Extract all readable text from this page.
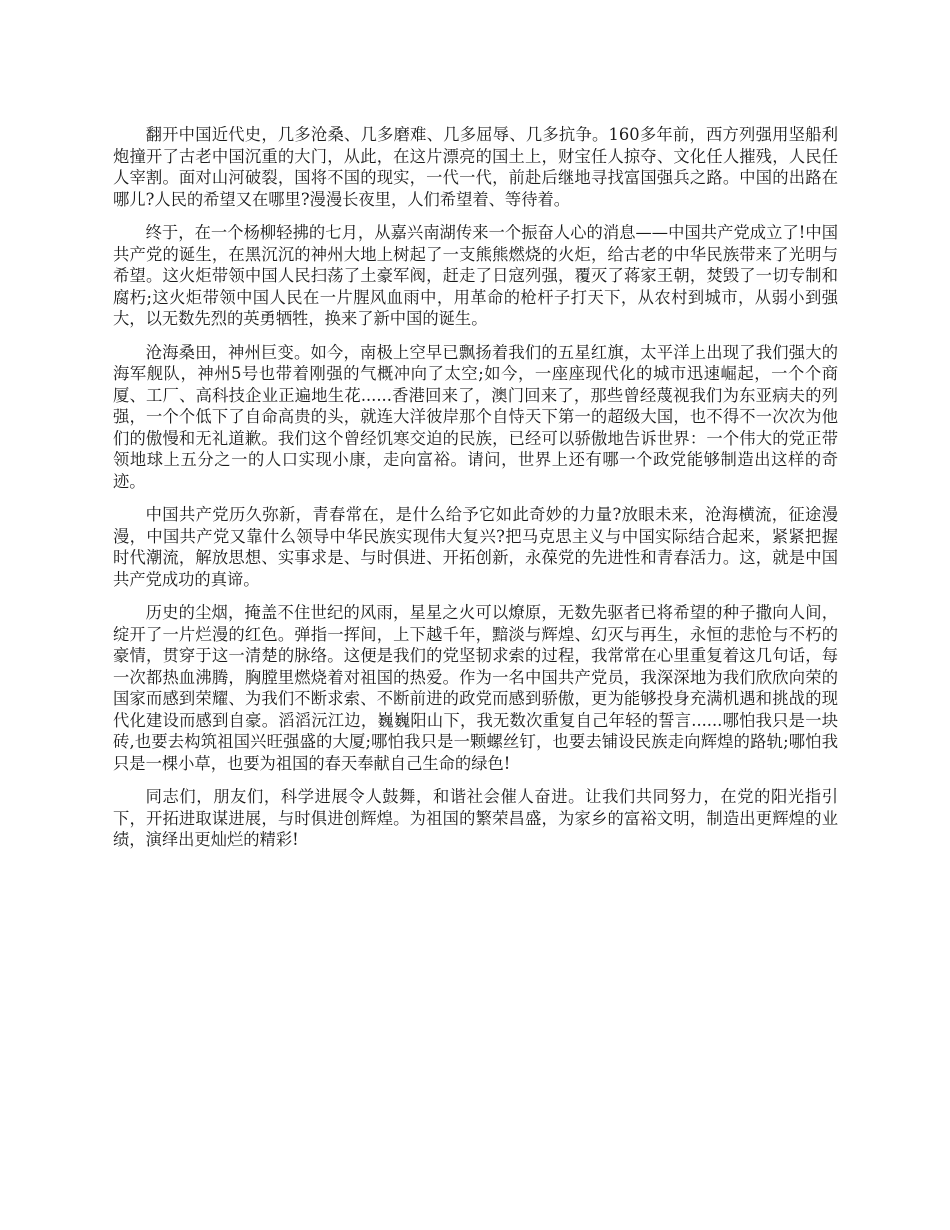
翻开中国近代史，几多沧桑、几多磨难、几多屈辱、几多抗争。160多年前，西方列强用坚船利炮撞开了古老中国沉重的大门，从此，在这片漂亮的国土上，财宝任人掠夺、文化任人摧残，人民任人宰割。面对山河破裂，国将不国的现实，一代一代，前赴后继地寻找富国强兵之路。中国的出路在哪儿?人民的希望又在哪里?漫漫长夜里，人们希望着、等待着。

终于，在一个杨柳轻拂的七月，从嘉兴南湖传来一个振奋人心的消息——中国共产党成立了!中国共产党的诞生，在黑沉沉的神州大地上树起了一支熊熊燃烧的火炬，给古老的中华民族带来了光明与希望。这火炬带领中国人民扫荡了土豪军阀，赶走了日寇列强，覆灭了蒋家王朝，焚毁了一切专制和腐朽;这火炬带领中国人民在一片腥风血雨中，用革命的枪杆子打天下，从农村到城市，从弱小到强大，以无数先烈的英勇牺牲，换来了新中国的诞生。

沧海桑田，神州巨变。如今，南极上空早已飘扬着我们的五星红旗，太平洋上出现了我们强大的海军舰队，神州5号也带着刚强的气概冲向了太空;如今，一座座现代化的城市迅速崛起，一个个商厦、工厂、高科技企业正遍地生花......香港回来了，澳门回来了，那些曾经蔑视我们为东亚病夫的列强，一个个低下了自命高贵的头，就连大洋彼岸那个自恃天下第一的超级大国，也不得不一次次为他们的傲慢和无礼道歉。我们这个曾经饥寒交迫的民族，已经可以骄傲地告诉世界：一个伟大的党正带领地球上五分之一的人口实现小康，走向富裕。请问，世界上还有哪一个政党能够制造出这样的奇迹。

中国共产党历久弥新，青春常在，是什么给予它如此奇妙的力量?放眼未来，沧海横流，征途漫漫，中国共产党又靠什么领导中华民族实现伟大复兴?把马克思主义与中国实际结合起来，紧紧把握时代潮流，解放思想、实事求是、与时俱进、开拓创新，永葆党的先进性和青春活力。这，就是中国共产党成功的真谛。

历史的尘烟，掩盖不住世纪的风雨，星星之火可以燎原，无数先驱者已将希望的种子撒向人间，绽开了一片烂漫的红色。弹指一挥间，上下越千年，黯淡与辉煌、幻灭与再生，永恒的悲怆与不朽的豪情，贯穿于这一清楚的脉络。这便是我们的党坚韧求索的过程，我常常在心里重复着这几句话，每一次都热血沸腾，胸膛里燃烧着对祖国的热爱。作为一名中国共产党员，我深深地为我们欣欣向荣的国家而感到荣耀、为我们不断求索、不断前进的政党而感到骄傲，更为能够投身充满机遇和挑战的现代化建设而感到自豪。滔滔沅江边，巍巍阳山下，我无数次重复自己年轻的誓言......哪怕我只是一块砖,也要去构筑祖国兴旺强盛的大厦;哪怕我只是一颗螺丝钉，也要去铺设民族走向辉煌的路轨;哪怕我只是一棵小草，也要为祖国的春天奉献自己生命的绿色!

同志们，朋友们，科学进展令人鼓舞，和谐社会催人奋进。让我们共同努力，在党的阳光指引下，开拓进取谋进展，与时俱进创辉煌。为祖国的繁荣昌盛，为家乡的富裕文明，制造出更辉煌的业绩，演绎出更灿烂的精彩!
